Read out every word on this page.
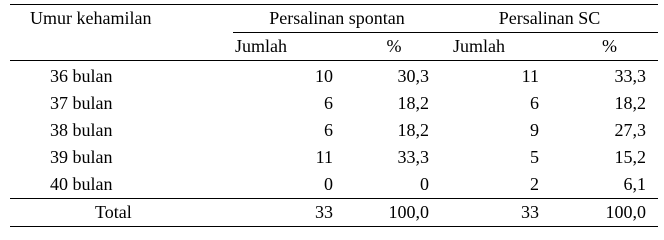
Umur kehamilan	Persalinan spontan		Persalinan SC	
	Jumlah	%	Jumlah	%
36 bulan	10	30,3	11	33,3
37 bulan	6	18,2	6	18,2
38 bulan	6	18,2	9	27,3
39 bulan	11	33,3	5	15,2
40 bulan	0	0	2	6,1
Total	33	100,0	33	100,0
